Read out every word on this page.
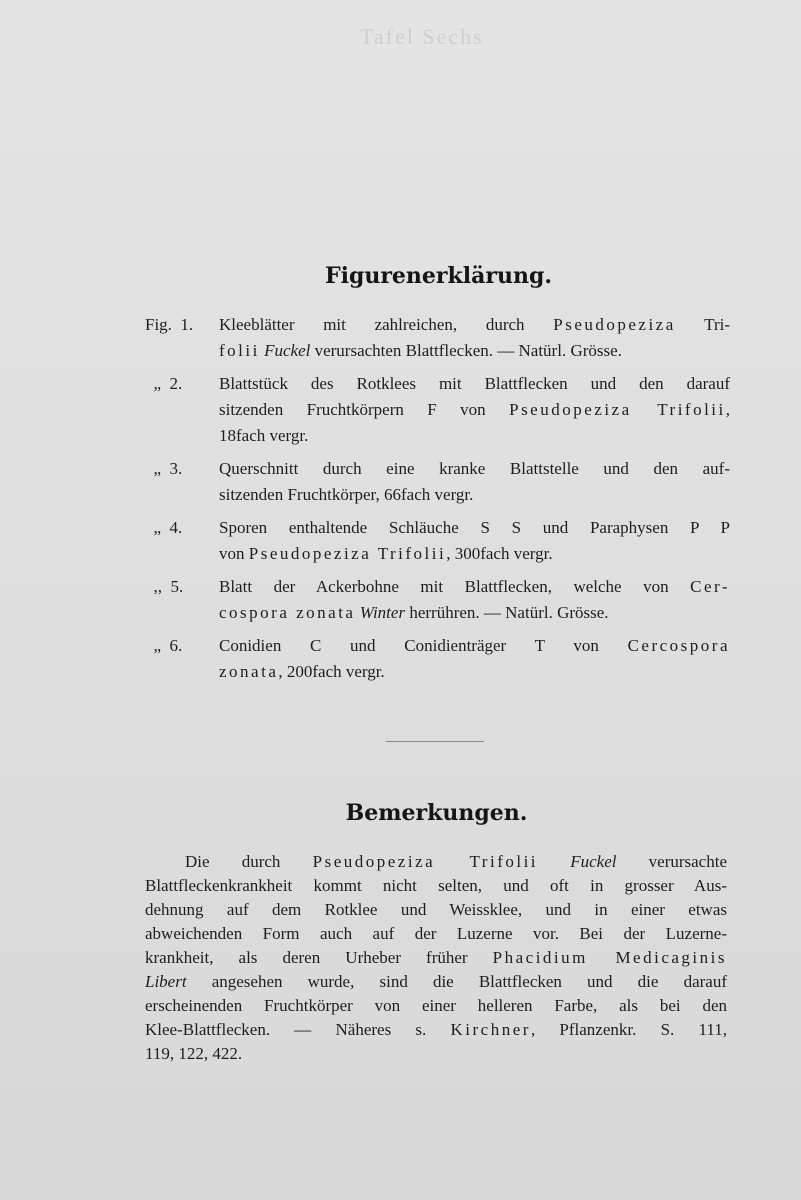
Tafel Sechs
Figurenerklärung.
Fig.  1.	Kleeblätter mit zahlreichen, durch Pseudopeziza Tri-
folii Fuckel verursachten Blattflecken. — Natürl. Grösse.
„  2.	Blattstück des Rotklees mit Blattflecken und den darauf
sitzenden Fruchtkörpern F von Pseudopeziza Trifolii,
18fach vergr.
„  3.	Querschnitt durch eine kranke Blattstelle und den auf-
sitzenden Fruchtkörper, 66fach vergr.
„  4.	Sporen enthaltende Schläuche S S und Paraphysen P P
von Pseudopeziza Trifolii, 300fach vergr.
,,  5.	Blatt der Ackerbohne mit Blattflecken, welche von Cer-
cospora zonata Winter herrühren. — Natürl. Grösse.
„  6.	Conidien C und Conidienträger T von Cercospora
zonata, 200fach vergr.
Bemerkungen.
Die durch Pseudopeziza Trifolii Fuckel verursachte
Blattfleckenkrankheit kommt nicht selten, und oft in grosser Aus-
dehnung auf dem Rotklee und Weissklee, und in einer etwas
abweichenden Form auch auf der Luzerne vor. Bei der Luzerne-
krankheit, als deren Urheber früher Phacidium Medicaginis
Libert angesehen wurde, sind die Blattflecken und die darauf
erscheinenden Fruchtkörper von einer helleren Farbe, als bei den
Klee-Blattflecken. — Näheres s. Kirchner, Pflanzenkr. S. 111,
119, 122, 422.
